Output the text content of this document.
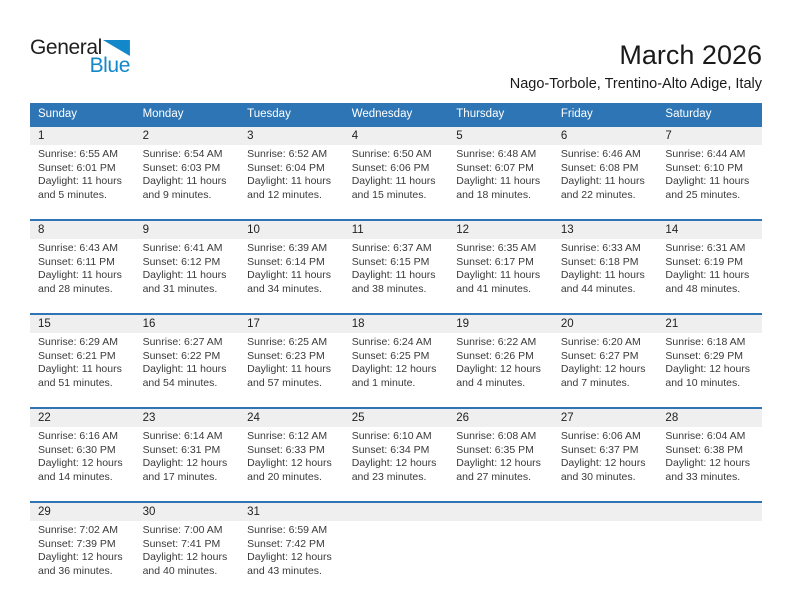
General
Blue	March 2026
Nago-Torbole, Trentino-Alto Adige, Italy
Sunday	Monday	Tuesday	Wednesday	Thursday	Friday	Saturday
1	2	3	4	5	6	7
Sunrise: 6:55 AM
Sunset: 6:01 PM
Daylight: 11 hours
and 5 minutes.
Sunrise: 6:54 AM
Sunset: 6:03 PM
Daylight: 11 hours
and 9 minutes.
Sunrise: 6:52 AM
Sunset: 6:04 PM
Daylight: 11 hours
and 12 minutes.
Sunrise: 6:50 AM
Sunset: 6:06 PM
Daylight: 11 hours
and 15 minutes.
Sunrise: 6:48 AM
Sunset: 6:07 PM
Daylight: 11 hours
and 18 minutes.
Sunrise: 6:46 AM
Sunset: 6:08 PM
Daylight: 11 hours
and 22 minutes.
Sunrise: 6:44 AM
Sunset: 6:10 PM
Daylight: 11 hours
and 25 minutes.
8	9	10	11	12	13	14
Sunrise: 6:43 AM
Sunset: 6:11 PM
Daylight: 11 hours
and 28 minutes.
Sunrise: 6:41 AM
Sunset: 6:12 PM
Daylight: 11 hours
and 31 minutes.
Sunrise: 6:39 AM
Sunset: 6:14 PM
Daylight: 11 hours
and 34 minutes.
Sunrise: 6:37 AM
Sunset: 6:15 PM
Daylight: 11 hours
and 38 minutes.
Sunrise: 6:35 AM
Sunset: 6:17 PM
Daylight: 11 hours
and 41 minutes.
Sunrise: 6:33 AM
Sunset: 6:18 PM
Daylight: 11 hours
and 44 minutes.
Sunrise: 6:31 AM
Sunset: 6:19 PM
Daylight: 11 hours
and 48 minutes.
15	16	17	18	19	20	21
Sunrise: 6:29 AM
Sunset: 6:21 PM
Daylight: 11 hours
and 51 minutes.
Sunrise: 6:27 AM
Sunset: 6:22 PM
Daylight: 11 hours
and 54 minutes.
Sunrise: 6:25 AM
Sunset: 6:23 PM
Daylight: 11 hours
and 57 minutes.
Sunrise: 6:24 AM
Sunset: 6:25 PM
Daylight: 12 hours
and 1 minute.
Sunrise: 6:22 AM
Sunset: 6:26 PM
Daylight: 12 hours
and 4 minutes.
Sunrise: 6:20 AM
Sunset: 6:27 PM
Daylight: 12 hours
and 7 minutes.
Sunrise: 6:18 AM
Sunset: 6:29 PM
Daylight: 12 hours
and 10 minutes.
22	23	24	25	26	27	28
Sunrise: 6:16 AM
Sunset: 6:30 PM
Daylight: 12 hours
and 14 minutes.
Sunrise: 6:14 AM
Sunset: 6:31 PM
Daylight: 12 hours
and 17 minutes.
Sunrise: 6:12 AM
Sunset: 6:33 PM
Daylight: 12 hours
and 20 minutes.
Sunrise: 6:10 AM
Sunset: 6:34 PM
Daylight: 12 hours
and 23 minutes.
Sunrise: 6:08 AM
Sunset: 6:35 PM
Daylight: 12 hours
and 27 minutes.
Sunrise: 6:06 AM
Sunset: 6:37 PM
Daylight: 12 hours
and 30 minutes.
Sunrise: 6:04 AM
Sunset: 6:38 PM
Daylight: 12 hours
and 33 minutes.
29	30	31
Sunrise: 7:02 AM
Sunset: 7:39 PM
Daylight: 12 hours
and 36 minutes.
Sunrise: 7:00 AM
Sunset: 7:41 PM
Daylight: 12 hours
and 40 minutes.
Sunrise: 6:59 AM
Sunset: 7:42 PM
Daylight: 12 hours
and 43 minutes.
